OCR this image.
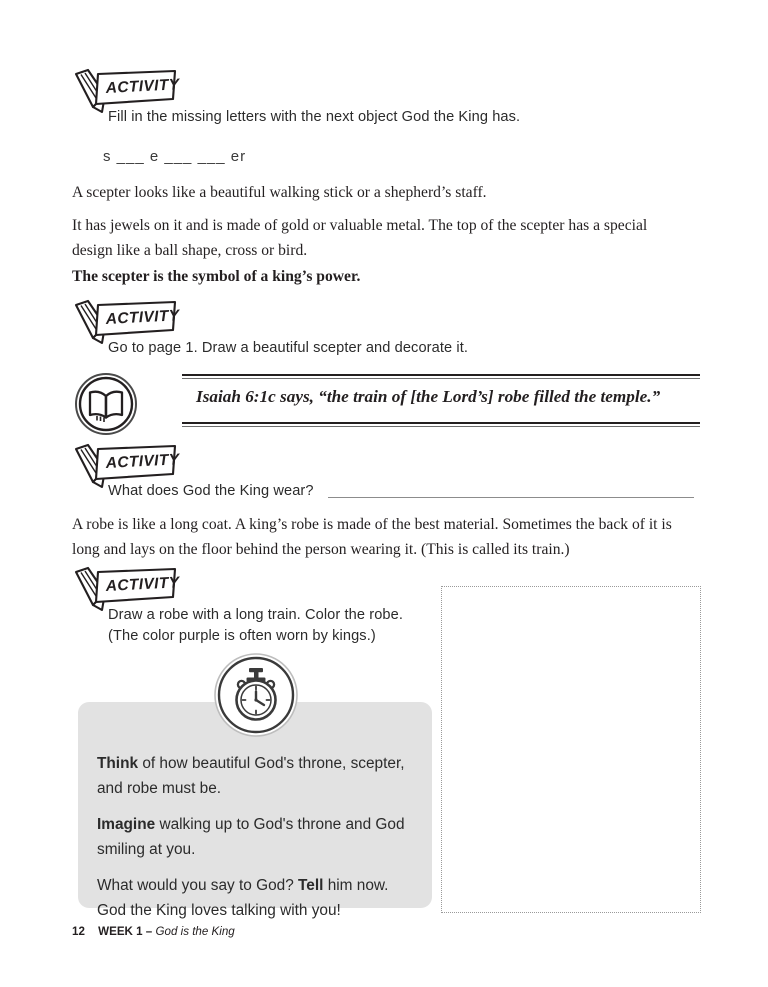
ACTIVITY
Fill in the missing letters with the next object God the King has.
s ___ e ___ ___ er
A scepter looks like a beautiful walking stick or a shepherd’s staff.
It has jewels on it and is made of gold or valuable metal. The top of the scepter has a special design like a ball shape, cross or bird.
The scepter is the symbol of a king’s power.
ACTIVITY
Go to page 1. Draw a beautiful scepter and decorate it.
Isaiah 6:1c says, “the train of [the Lord’s] robe filled the temple.”
ACTIVITY
What does God the King wear?
A robe is like a long coat. A king’s robe is made of the best material. Sometimes the back of it is long and lays on the floor behind the person wearing it. (This is called its train.)
ACTIVITY
Draw a robe with a long train. Color the robe.
(The color purple is often worn by kings.)

Think of how beautiful God's throne, scepter, and robe must be.

Imagine walking up to God's throne and God smiling at you.

What would you say to God? Tell him now. God the King loves talking with you!

12 WEEK 1 – God is the King
